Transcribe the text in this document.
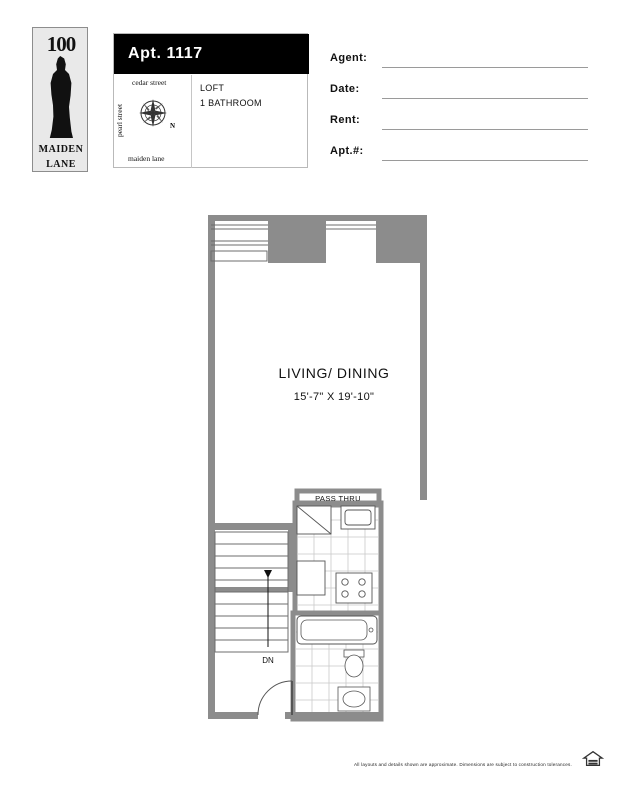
100
MAIDEN
LANE
Apt. 1117
cedar street
pearl street
maiden lane
N
LOFT
1 BATHROOM
Agent:
Date:
Rent:
Apt.#:
LIVING/ DINING
15'-7" X 19'-10"
PASS THRU
DN
All layouts and details shown are approximate. Dimensions are subject to construction tolerances.
